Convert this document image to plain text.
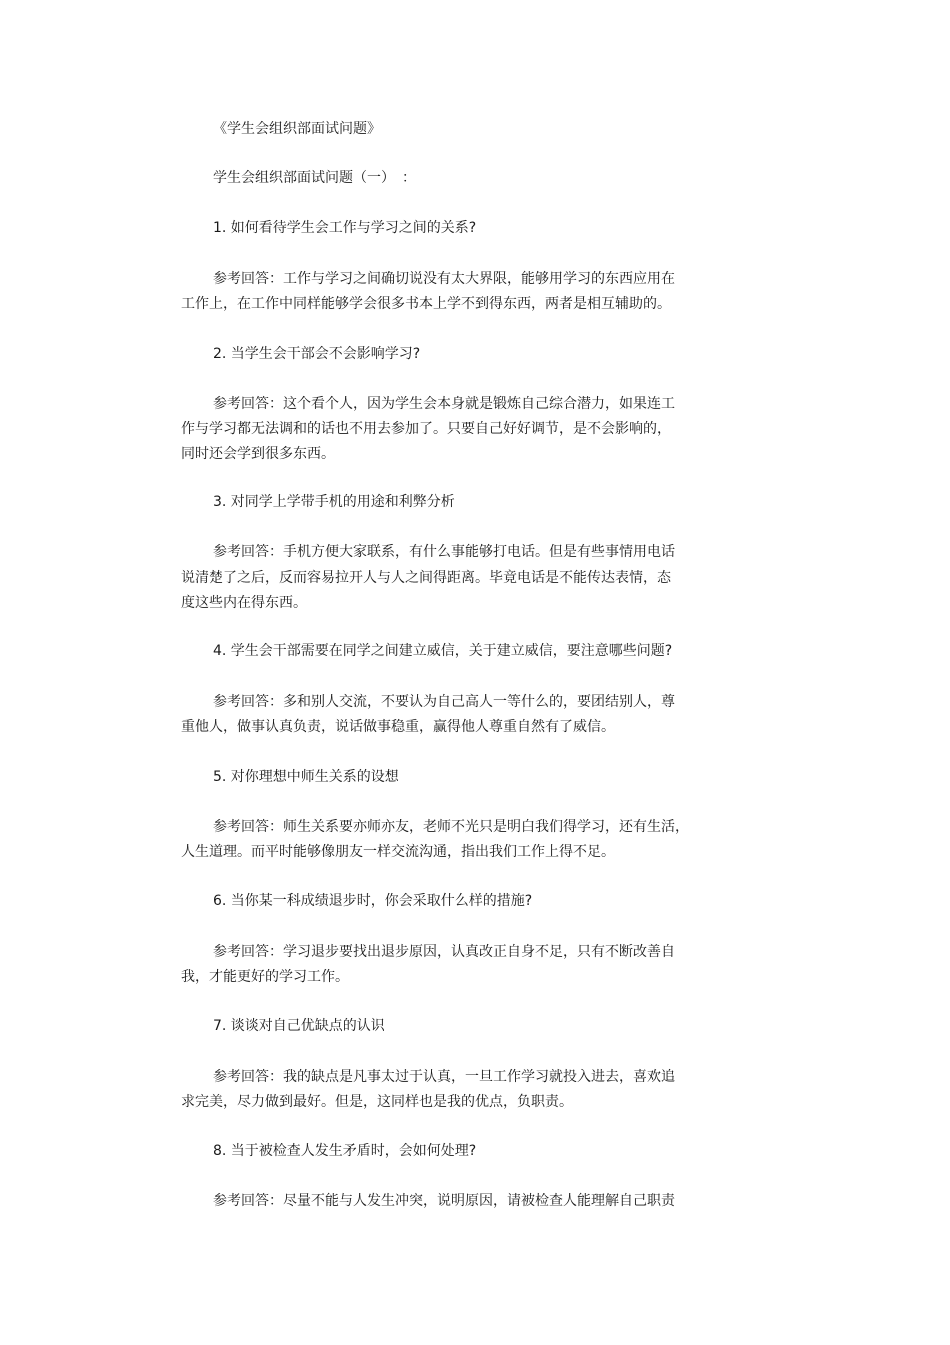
《学生会组织部面试问题》

学生会组织部面试问题（一）　：

1. 如何看待学生会工作与学习之间的关系?

参考回答：工作与学习之间确切说没有太大界限，能够用学习的东西应用在

工作上，在工作中同样能够学会很多书本上学不到得东西，两者是相互辅助的。

2. 当学生会干部会不会影响学习?

参考回答：这个看个人，因为学生会本身就是锻炼自己综合潜力，如果连工

作与学习都无法调和的话也不用去参加了。只要自己好好调节，是不会影响的，

同时还会学到很多东西。

3. 对同学上学带手机的用途和利弊分析

参考回答：手机方便大家联系，有什么事能够打电话。但是有些事情用电话

说清楚了之后，反而容易拉开人与人之间得距离。毕竟电话是不能传达表情，态

度这些内在得东西。

4. 学生会干部需要在同学之间建立威信，关于建立威信，要注意哪些问题?

参考回答：多和别人交流，不要认为自己高人一等什么的，要团结别人，尊

重他人，做事认真负责，说话做事稳重，赢得他人尊重自然有了威信。

5. 对你理想中师生关系的设想

参考回答：师生关系要亦师亦友，老师不光只是明白我们得学习，还有生活，

人生道理。而平时能够像朋友一样交流沟通，指出我们工作上得不足。

6. 当你某一科成绩退步时，你会采取什么样的措施?

参考回答：学习退步要找出退步原因，认真改正自身不足，只有不断改善自

我，才能更好的学习工作。

7. 谈谈对自己优缺点的认识

参考回答：我的缺点是凡事太过于认真，一旦工作学习就投入进去，喜欢追

求完美，尽力做到最好。但是，这同样也是我的优点，负职责。

8. 当于被检查人发生矛盾时，会如何处理?

参考回答：尽量不能与人发生冲突，说明原因，请被检查人能理解自己职责
